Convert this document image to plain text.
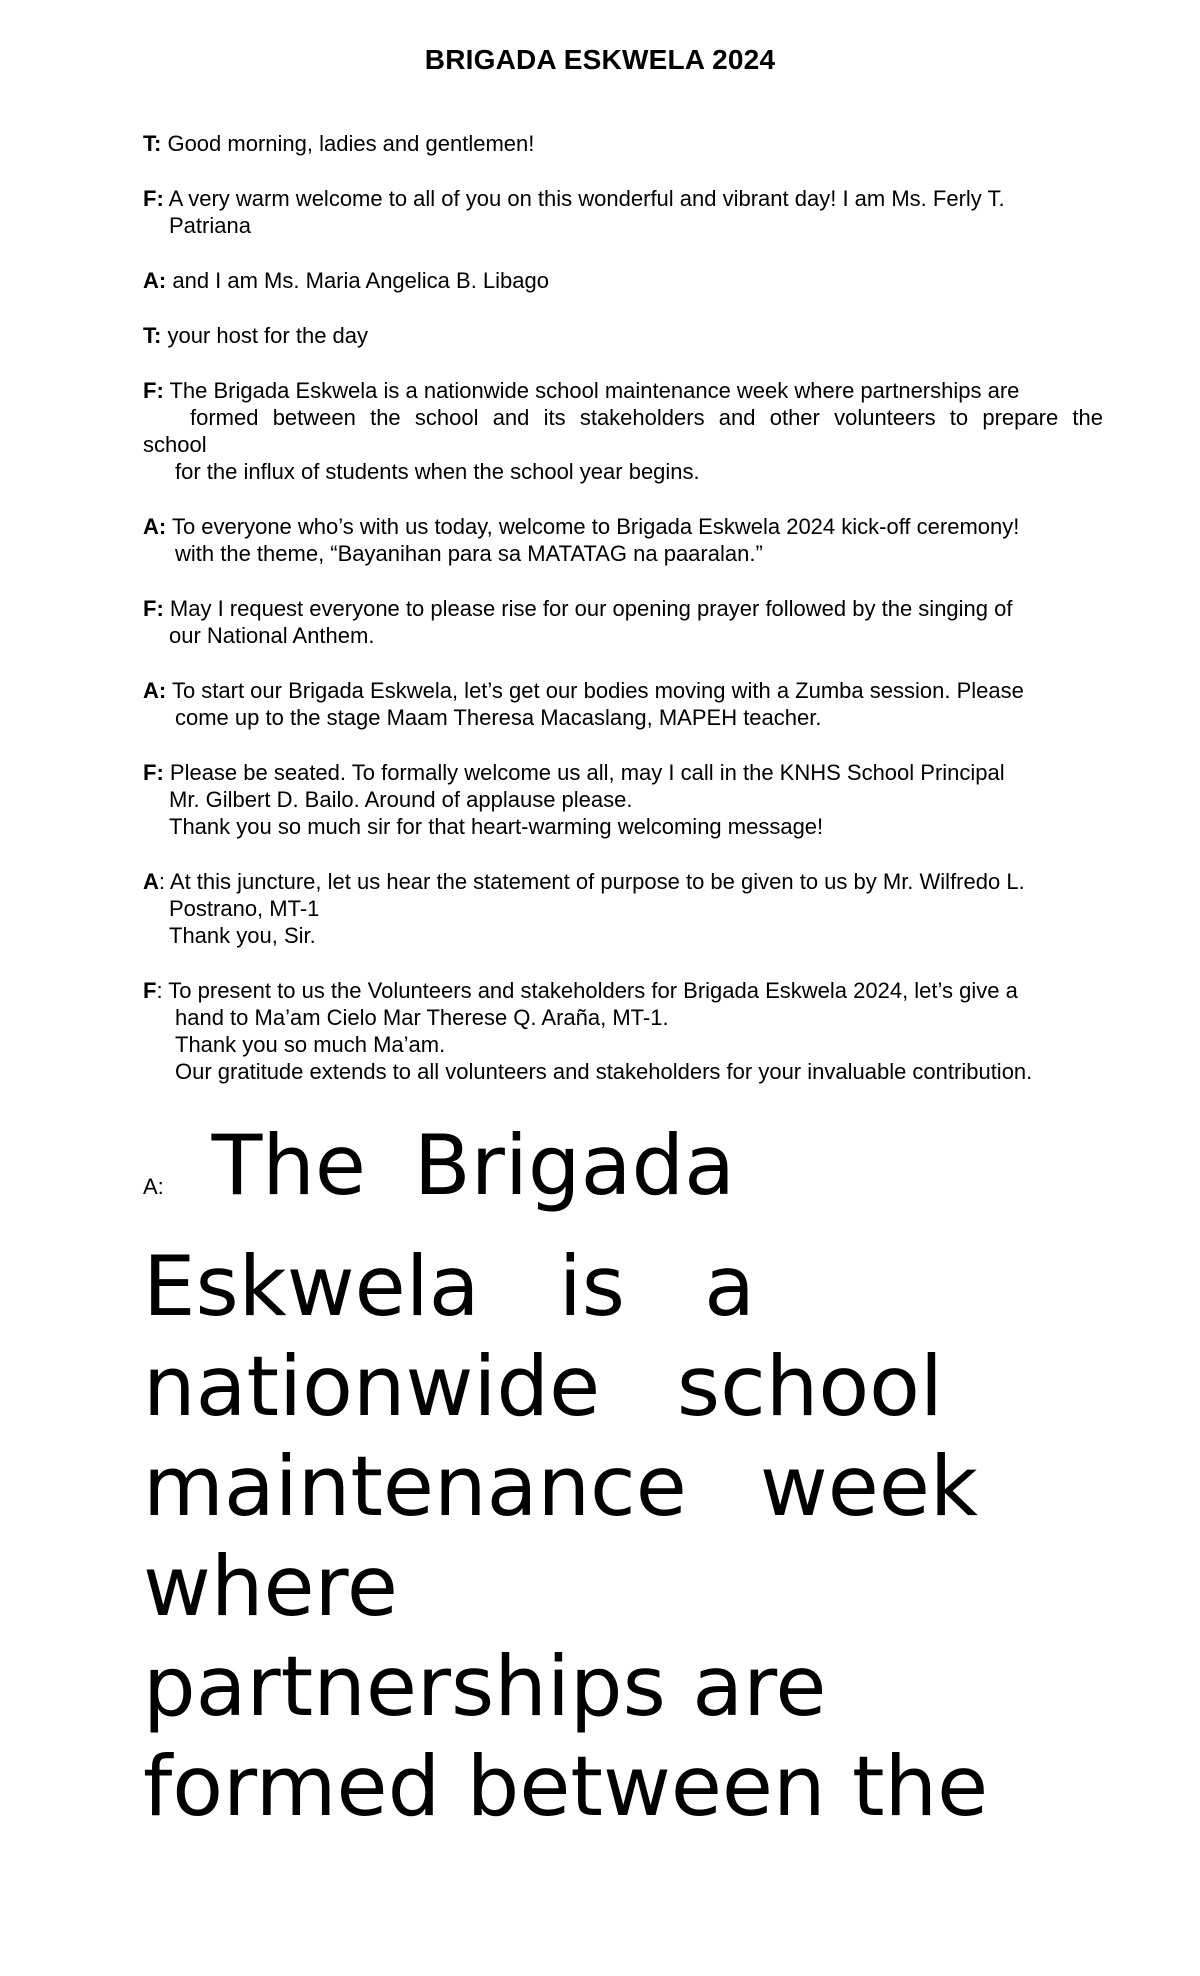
BRIGADA ESKWELA 2024
T: Good morning, ladies and gentlemen!
F: A very warm welcome to all of you on this wonderful and vibrant day! I am Ms. Ferly T.
Patriana
A: and I am Ms. Maria Angelica B. Libago
T: your host for the day
F: The Brigada Eskwela is a nationwide school maintenance week where partnerships are
formed between the school and its stakeholders and other volunteers to prepare the
school
for the influx of students when the school year begins.
A: To everyone who’s with us today, welcome to Brigada Eskwela 2024 kick-off ceremony!
with the theme, “Bayanihan para sa MATATAG na paaralan.”
F: May I request everyone to please rise for our opening prayer followed by the singing of
our National Anthem.
A: To start our Brigada Eskwela, let’s get our bodies moving with a Zumba session. Please
come up to the stage Maam Theresa Macaslang, MAPEH teacher.
F: Please be seated. To formally welcome us all, may I call in the KNHS School Principal
Mr. Gilbert D. Bailo. Around of applause please.
Thank you so much sir for that heart-warming welcoming message!
A: At this juncture, let us hear the statement of purpose to be given to us by Mr. Wilfredo L.
Postrano, MT-1
Thank you, Sir.
F: To present to us the Volunteers and stakeholders for Brigada Eskwela 2024, let’s give a
hand to Ma’am Cielo Mar Therese Q. Araña, MT-1.
Thank you so much Ma’am.
Our gratitude extends to all volunteers and stakeholders for your invaluable contribution.
A: The Brigada
Eskwela is a
nationwide school
maintenance week
where
partnerships are
formed between the
